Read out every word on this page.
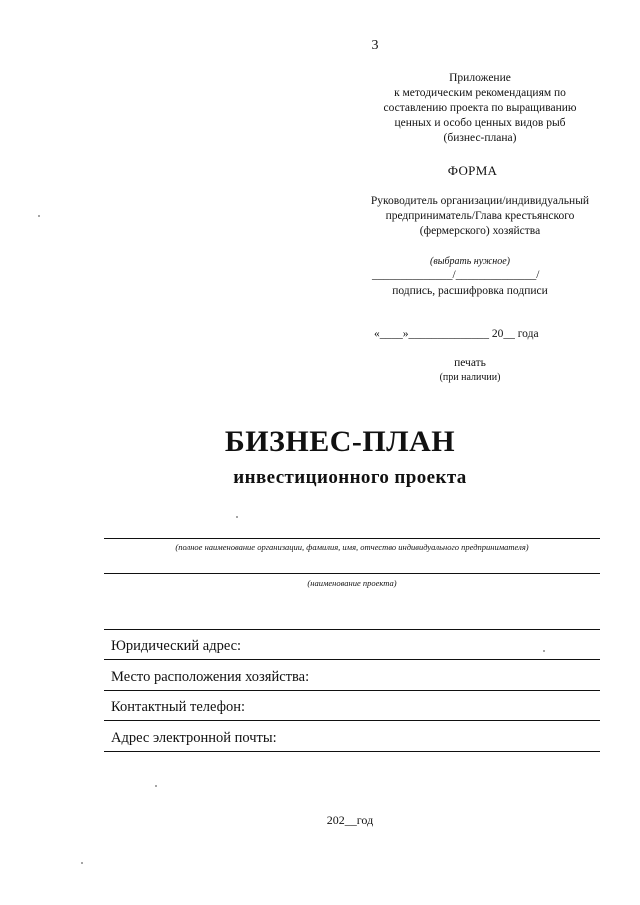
3
Приложение
к методическим рекомендациям по
составлению проекта по выращиванию
ценных и особо ценных видов рыб
(бизнес-плана)
ФОРМА
Руководитель организации/индивидуальный
предприниматель/Глава крестьянского
(фермерского) хозяйства
(выбрать нужное)
______________/______________/
подпись, расшифровка подписи
«____»______________ 20__ года
печать
(при наличии)
БИЗНЕС-ПЛАН
инвестиционного проекта
(полное наименование организации, фамилия, имя, отчество индивидуального предпринимателя)
(наименование проекта)
Юридический адрес:
Место расположения хозяйства:
Контактный телефон:
Адрес электронной почты:
202__год
